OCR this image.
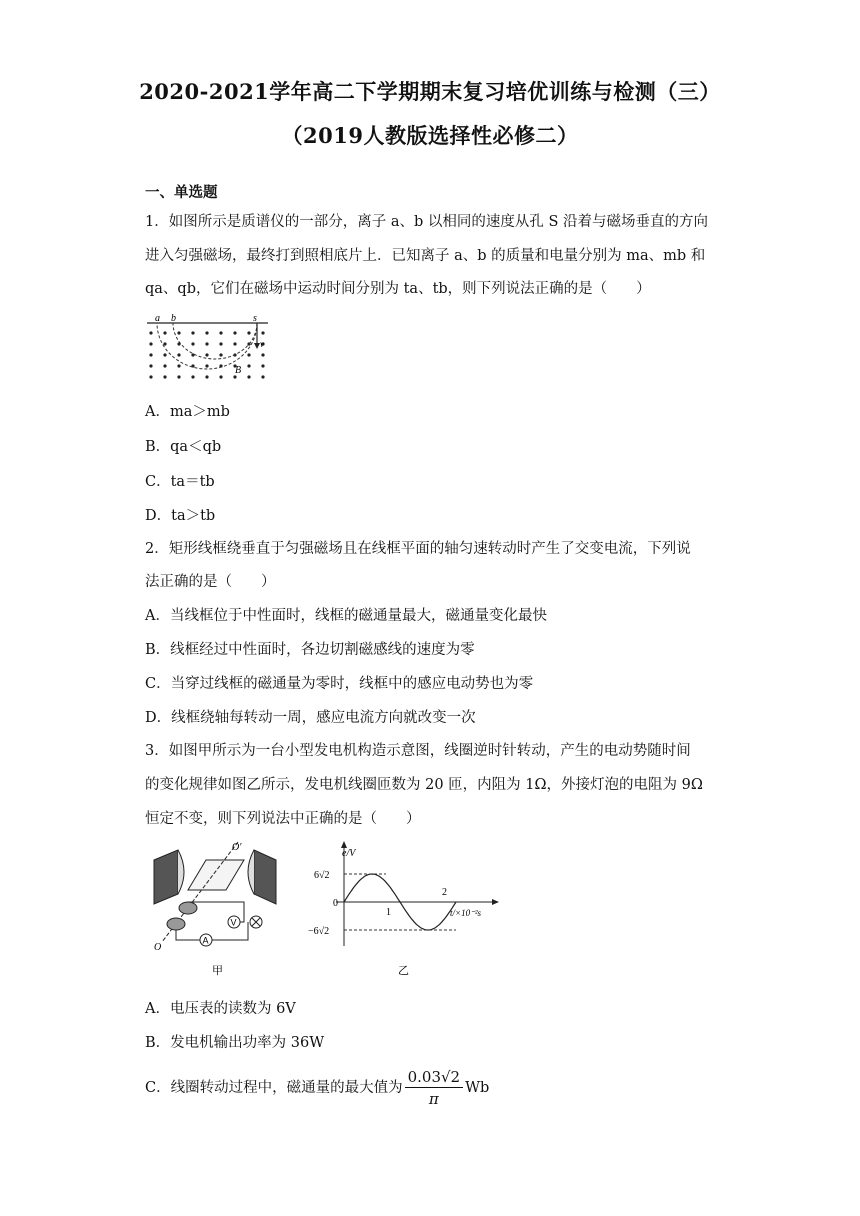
2020-2021学年高二下学期期末复习培优训练与检测（三）
（2019人教版选择性必修二）
一、单选题
1．如图所示是质谱仪的一部分，离子 a、b 以相同的速度从孔 S 沿着与磁场垂直的方向
进入匀强磁场，最终打到照相底片上．已知离子 a、b 的质量和电量分别为 ma、mb 和
qa、qb，它们在磁场中运动时间分别为 ta、tb，则下列说法正确的是（　　）
a b	s
v
B
A．ma＞mb
B．qa＜qb
C．ta＝tb
D．ta＞tb
2．矩形线框绕垂直于匀强磁场且在线框平面的轴匀速转动时产生了交变电流，下列说
法正确的是（　　）
A．当线框位于中性面时，线框的磁通量最大，磁通量变化最快
B．线框经过中性面时，各边切割磁感线的速度为零
C．当穿过线框的磁通量为零时，线框中的感应电动势也为零
D．线框绕轴每转动一周，感应电流方向就改变一次
3．如图甲所示为一台小型发电机构造示意图，线圈逆时针转动，产生的电动势随时间
的变化规律如图乙所示，发电机线圈匝数为 20 匝，内阻为 1Ω，外接灯泡的电阻为 9Ω
恒定不变，则下列说法中正确的是（　　）
A
V
O′
O
甲
e/V
6√2
−6√2
0
1
2
t/×10⁻²s
乙
A．电压表的读数为 6V
B．发电机输出功率为 36W
C．线圈转动过程中，磁通量的最大值为 $\frac{0.03√2}{\pi}$ Wb
